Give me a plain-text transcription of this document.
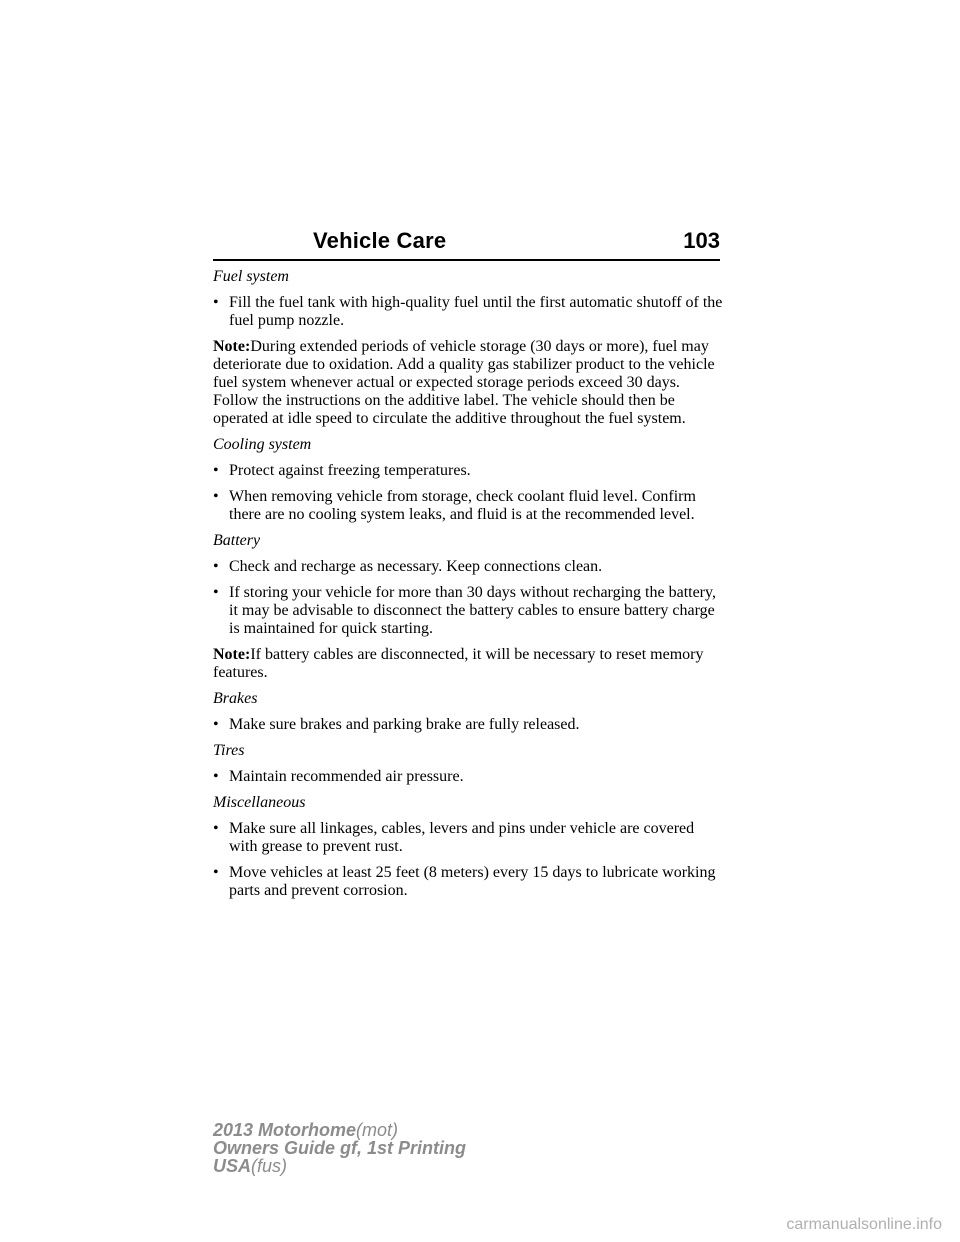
Vehicle Care	103

Fuel system

• Fill the fuel tank with high-quality fuel until the first automatic shutoff of the fuel pump nozzle.

Note:During extended periods of vehicle storage (30 days or more), fuel may deteriorate due to oxidation. Add a quality gas stabilizer product to the vehicle fuel system whenever actual or expected storage periods exceed 30 days. Follow the instructions on the additive label. The vehicle should then be operated at idle speed to circulate the additive throughout the fuel system.

Cooling system

• Protect against freezing temperatures.

• When removing vehicle from storage, check coolant fluid level. Confirm there are no cooling system leaks, and fluid is at the recommended level.

Battery

• Check and recharge as necessary. Keep connections clean.

• If storing your vehicle for more than 30 days without recharging the battery, it may be advisable to disconnect the battery cables to ensure battery charge is maintained for quick starting.

Note:If battery cables are disconnected, it will be necessary to reset memory features.

Brakes

• Make sure brakes and parking brake are fully released.

Tires

• Maintain recommended air pressure.

Miscellaneous

• Make sure all linkages, cables, levers and pins under vehicle are covered with grease to prevent rust.

• Move vehicles at least 25 feet (8 meters) every 15 days to lubricate working parts and prevent corrosion.

2013 Motorhome(mot)
Owners Guide gf, 1st Printing
USA(fus)
carmanualsonline.info
